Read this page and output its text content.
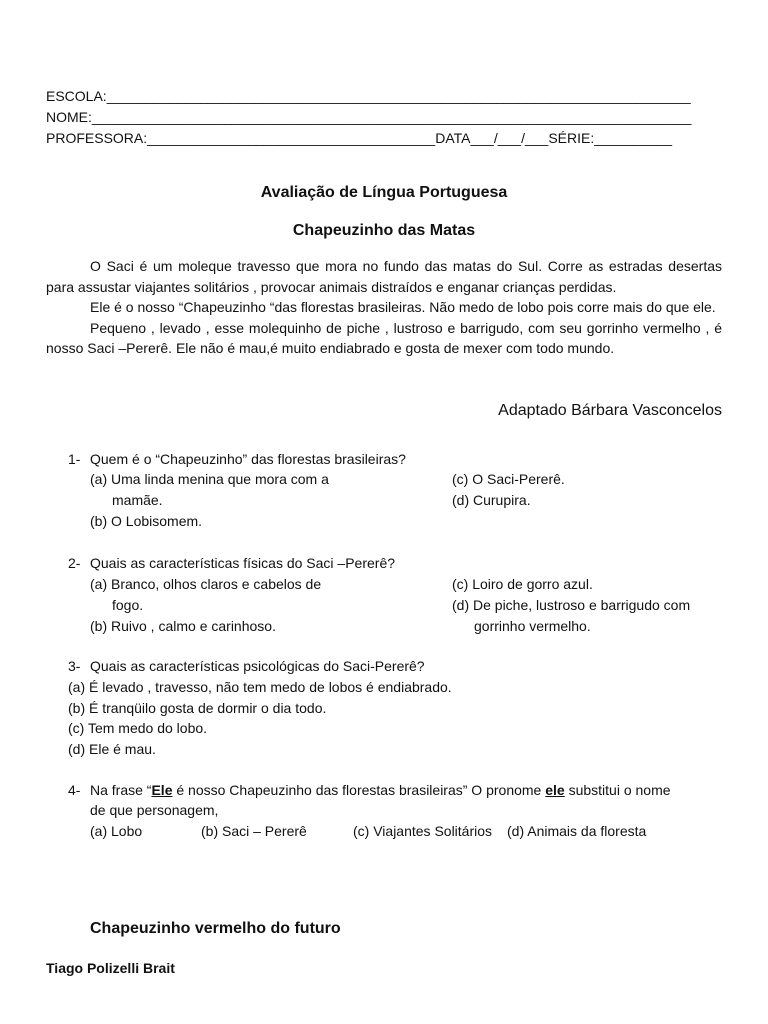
ESCOLA:___________________________________________________________________________
NOME:_____________________________________________________________________________
PROFESSORA:_____________________________________DATA___/___/___SÉRIE:__________
Avaliação de Língua Portuguesa
Chapeuzinho das Matas

O Saci é um moleque travesso que mora no fundo das matas do Sul. Corre as estradas desertas para assustar viajantes solitários , provocar animais distraídos e enganar crianças perdidas.

Ele é o nosso “Chapeuzinho “das florestas brasileiras. Não medo de lobo pois corre mais do que ele.

Pequeno , levado , esse molequinho de piche , lustroso e barrigudo, com seu gorrinho vermelho , é nosso Saci –Pererê. Ele não é mau,é muito endiabrado e gosta de mexer com todo mundo.

Adaptado Bárbara Vasconcelos
1- Quem é o “Chapeuzinho” das florestas brasileiras?
(a) Uma linda menina que mora com a
mamãe.
(b) O Lobisomem.
(c) O Saci-Pererê.
(d) Curupira.
2- Quais as características físicas do Saci –Pererê?
(a) Branco, olhos claros e cabelos de
fogo.
(b) Ruivo , calmo e carinhoso.
(c) Loiro de gorro azul.
(d) De piche, lustroso e barrigudo com
gorrinho vermelho.
3- Quais as características psicológicas do Saci-Pererê?
(a) É levado , travesso, não tem medo de lobos é endiabrado.
(b) É tranqüilo gosta de dormir o dia todo.
(c) Tem medo do lobo.
(d) Ele é mau.
4- Na frase “Ele é nosso Chapeuzinho das florestas brasileiras” O pronome ele substitui o nome
de que personagem,
(a) Lobo	(b) Saci – Pererê	(c) Viajantes Solitários (d) Animais da floresta
Chapeuzinho vermelho do futuro
Tiago Polizelli Brait
